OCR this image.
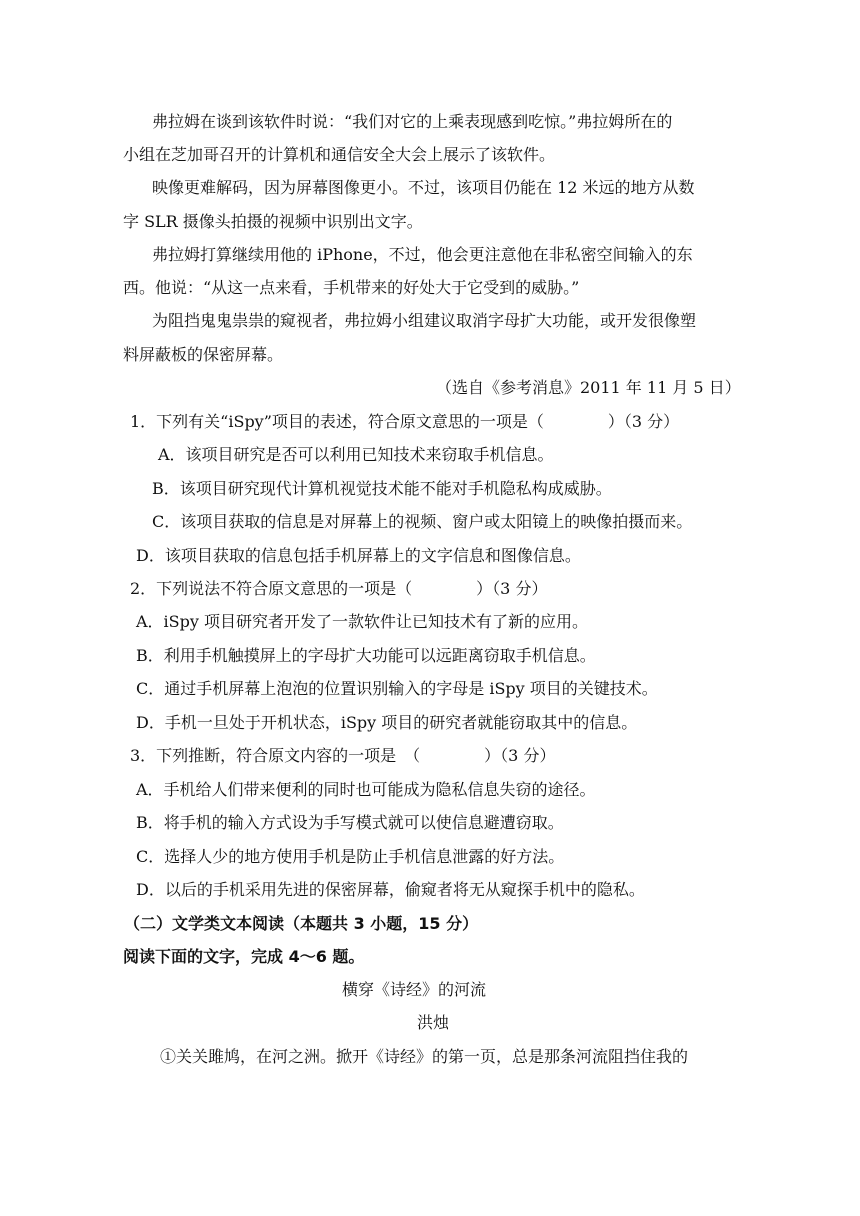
弗拉姆在谈到该软件时说：“我们对它的上乘表现感到吃惊。”弗拉姆所在的
小组在芝加哥召开的计算机和通信安全大会上展示了该软件。
映像更难解码，因为屏幕图像更小。不过，该项目仍能在 12 米远的地方从数
字 SLR 摄像头拍摄的视频中识别出文字。
弗拉姆打算继续用他的 iPhone，不过，他会更注意他在非私密空间输入的东
西。他说：“从这一点来看，手机带来的好处大于它受到的威胁。”
为阻挡鬼鬼祟祟的窥视者，弗拉姆小组建议取消字母扩大功能，或开发很像塑
料屏蔽板的保密屏幕。
（选自《参考消息》2011 年 11 月 5 日）
1．下列有关“iSpy”项目的表述，符合原文意思的一项是（　　　　）（3 分）
A．该项目研究是否可以利用已知技术来窃取手机信息。
B．该项目研究现代计算机视觉技术能不能对手机隐私构成威胁。
C．该项目获取的信息是对屏幕上的视频、窗户或太阳镜上的映像拍摄而来。
D．该项目获取的信息包括手机屏幕上的文字信息和图像信息。
2．下列说法不符合原文意思的一项是（　　　　）（3 分）
A．iSpy 项目研究者开发了一款软件让已知技术有了新的应用。
B．利用手机触摸屏上的字母扩大功能可以远距离窃取手机信息。
C．通过手机屏幕上泡泡的位置识别输入的字母是 iSpy 项目的关键技术。
D．手机一旦处于开机状态，iSpy 项目的研究者就能窃取其中的信息。
3．下列推断，符合原文内容的一项是　（　　　　）（3 分）
A．手机给人们带来便利的同时也可能成为隐私信息失窃的途径。
B．将手机的输入方式设为手写模式就可以使信息避遭窃取。
C．选择人少的地方使用手机是防止手机信息泄露的好方法。
D．以后的手机采用先进的保密屏幕，偷窥者将无从窥探手机中的隐私。
（二）文学类文本阅读（本题共 3 小题，15 分）
阅读下面的文字，完成 4～6 题。
横穿《诗经》的河流
洪烛
①关关雎鸠，在河之洲。掀开《诗经》的第一页，总是那条河流阻挡住我的
